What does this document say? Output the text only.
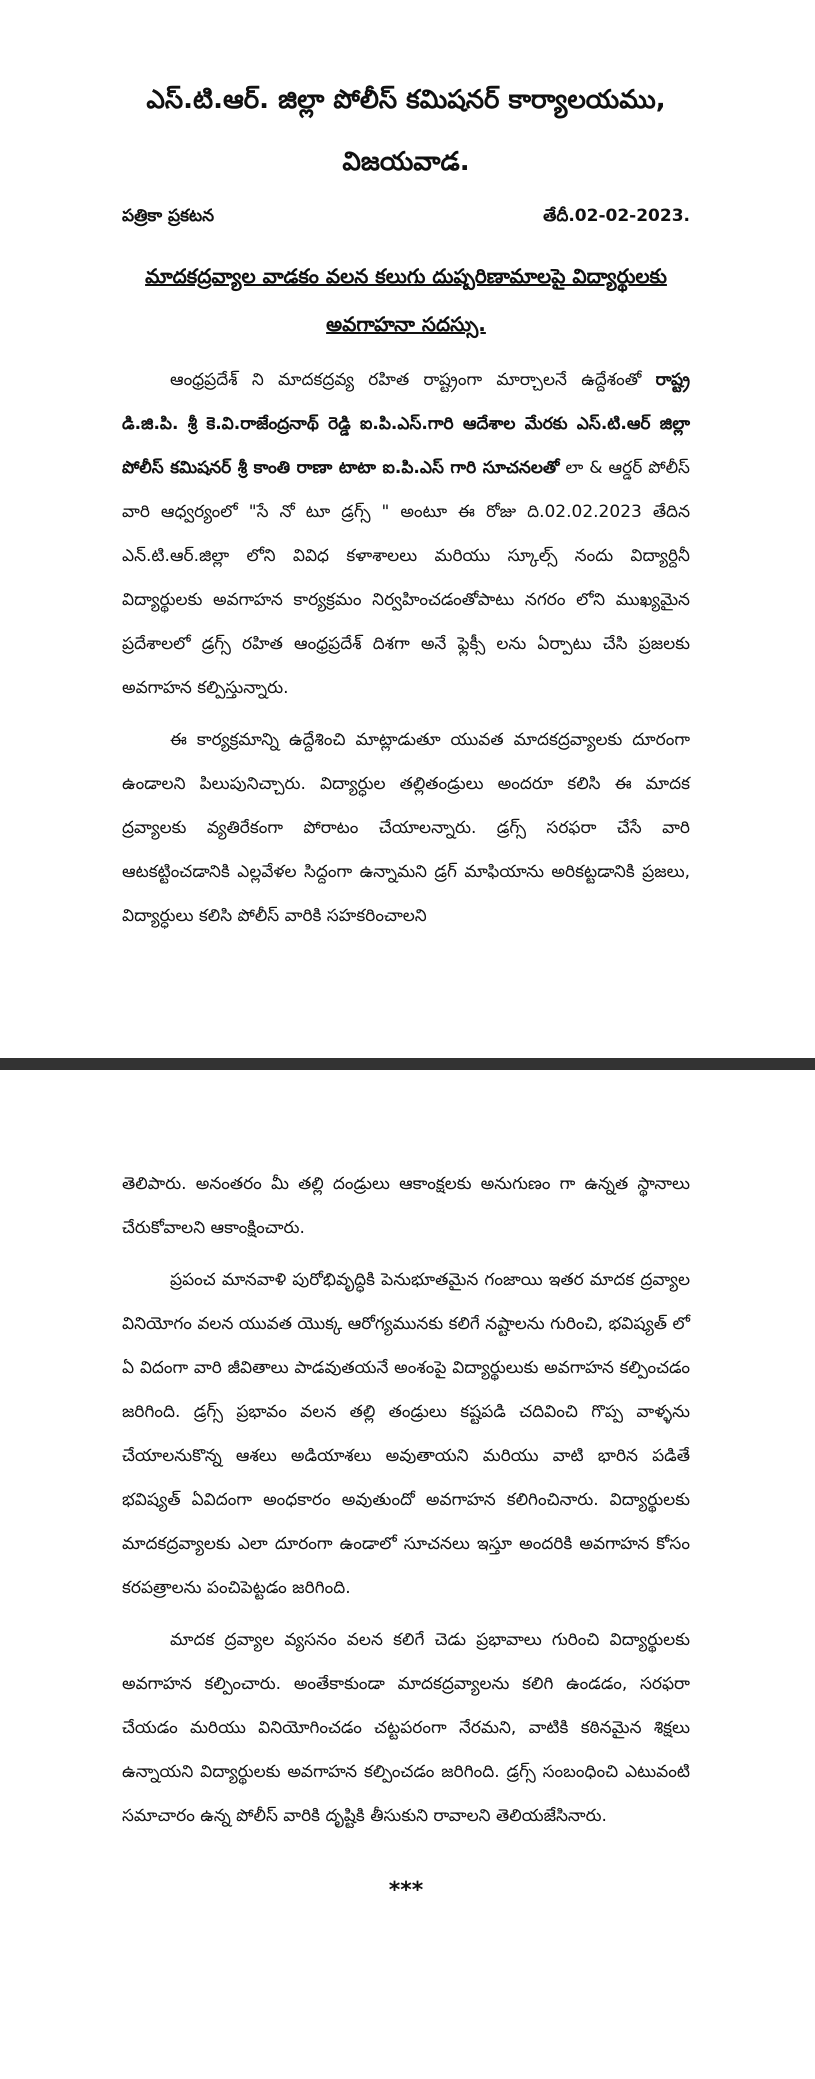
ఎస్.టి.ఆర్. జిల్లా పోలీస్ కమిషనర్ కార్యాలయము,
విజయవాడ.
పత్రికా ప్రకటన	తేదీ.02-02-2023.
మాదకద్రవ్యాల వాడకం వలన కలుగు దుష్పరిణామాలపై విద్యార్థులకు
అవగాహనా సదస్సు.

ఆంధ్రప్రదేశ్ ని మాదకద్రవ్య రహిత రాష్ట్రంగా మార్చాలనే ఉద్దేశంతో రాష్ట్ర డి.జి.పి. శ్రీ కె.వి.రాజేంద్రనాథ్ రెడ్డి ఐ.పి.ఎస్.గారి ఆదేశాల మేరకు ఎస్.టి.ఆర్ జిల్లా పోలీస్ కమిషనర్ శ్రీ కాంతి రాణా టాటా ఐ.పి.ఎస్ గారి సూచనలతో లా & ఆర్డర్ పోలీస్ వారి ఆధ్వర్యంలో "సే నో టూ డ్రగ్స్ " అంటూ ఈ రోజు ది.02.02.2023 తేదిన ఎన్.టి.ఆర్.జిల్లా లోని వివిధ కళాశాలలు మరియు స్కూల్స్ నందు విద్యార్దినీ విద్యార్థులకు అవగాహన కార్యక్రమం నిర్వహించడంతోపాటు నగరం లోని ముఖ్యమైన ప్రదేశాలలో డ్రగ్స్ రహిత ఆంధ్రప్రదేశ్ దిశగా అనే ఫ్లెక్సీ లను ఏర్పాటు చేసి ప్రజలకు అవగాహన కల్పిస్తున్నారు.

ఈ కార్యక్రమాన్ని ఉద్దేశించి మాట్లాడుతూ యువత మాదకద్రవ్యాలకు దూరంగా ఉండాలని పిలుపునిచ్చారు. విద్యార్ధుల తల్లితండ్రులు అందరూ కలిసి ఈ మాదక ద్రవ్యాలకు వ్యతిరేకంగా పోరాటం చేయాలన్నారు. డ్రగ్స్ సరఫరా చేసే వారి ఆటకట్టించడానికి ఎల్లవేళల సిద్దంగా ఉన్నామని డ్రగ్ మాఫియాను అరికట్టడానికి ప్రజలు, విద్యార్ధులు కలిసి పోలీస్ వారికి సహకరించాలని

తెలిపారు. అనంతరం మీ తల్లి దండ్రులు ఆకాంక్షలకు అనుగుణం గా ఉన్నత స్థానాలు చేరుకోవాలని ఆకాంక్షించారు.

ప్రపంచ మానవాళి పురోభివృద్ధికి పెనుభూతమైన గంజాయి ఇతర మాదక ద్రవ్యాల వినియోగం వలన యువత యొక్క ఆరోగ్యమునకు కలిగే నష్టాలను గురించి, భవిష్యత్ లో ఏ విదంగా వారి జీవితాలు పాడవుతయనే అంశంపై విద్యార్థులుకు అవగాహన కల్పించడం జరిగింది. డ్రగ్స్ ప్రభావం వలన తల్లి తండ్రులు కష్టపడి చదివించి గొప్ప వాళ్ళను చేయాలనుకొన్న ఆశలు అడియాశలు అవుతాయని మరియు వాటి భారిన పడితే భవిష్యత్ ఏవిదంగా అంధకారం అవుతుందో అవగాహన కలిగించినారు. విద్యార్థులకు మాదకద్రవ్యాలకు ఎలా దూరంగా ఉండాలో సూచనలు ఇస్తూ అందరికి అవగాహన కోసం కరపత్రాలను పంచిపెట్టడం జరిగింది.

మాదక ద్రవ్యాల వ్యసనం వలన కలిగే చెడు ప్రభావాలు గురించి విద్యార్థులకు అవగాహన కల్పించారు. అంతేకాకుండా మాదకద్రవ్యాలను కలిగి ఉండడం, సరఫరా చేయడం మరియు వినియోగించడం చట్టపరంగా నేరమని, వాటికి కఠినమైన శిక్షలు ఉన్నాయని విద్యార్థులకు అవగాహన కల్పించడం జరిగింది. డ్రగ్స్ సంబంధించి ఎటువంటి సమాచారం ఉన్న పోలీస్ వారికి దృష్టికి తీసుకుని రావాలని తెలియజేసినారు.

***
